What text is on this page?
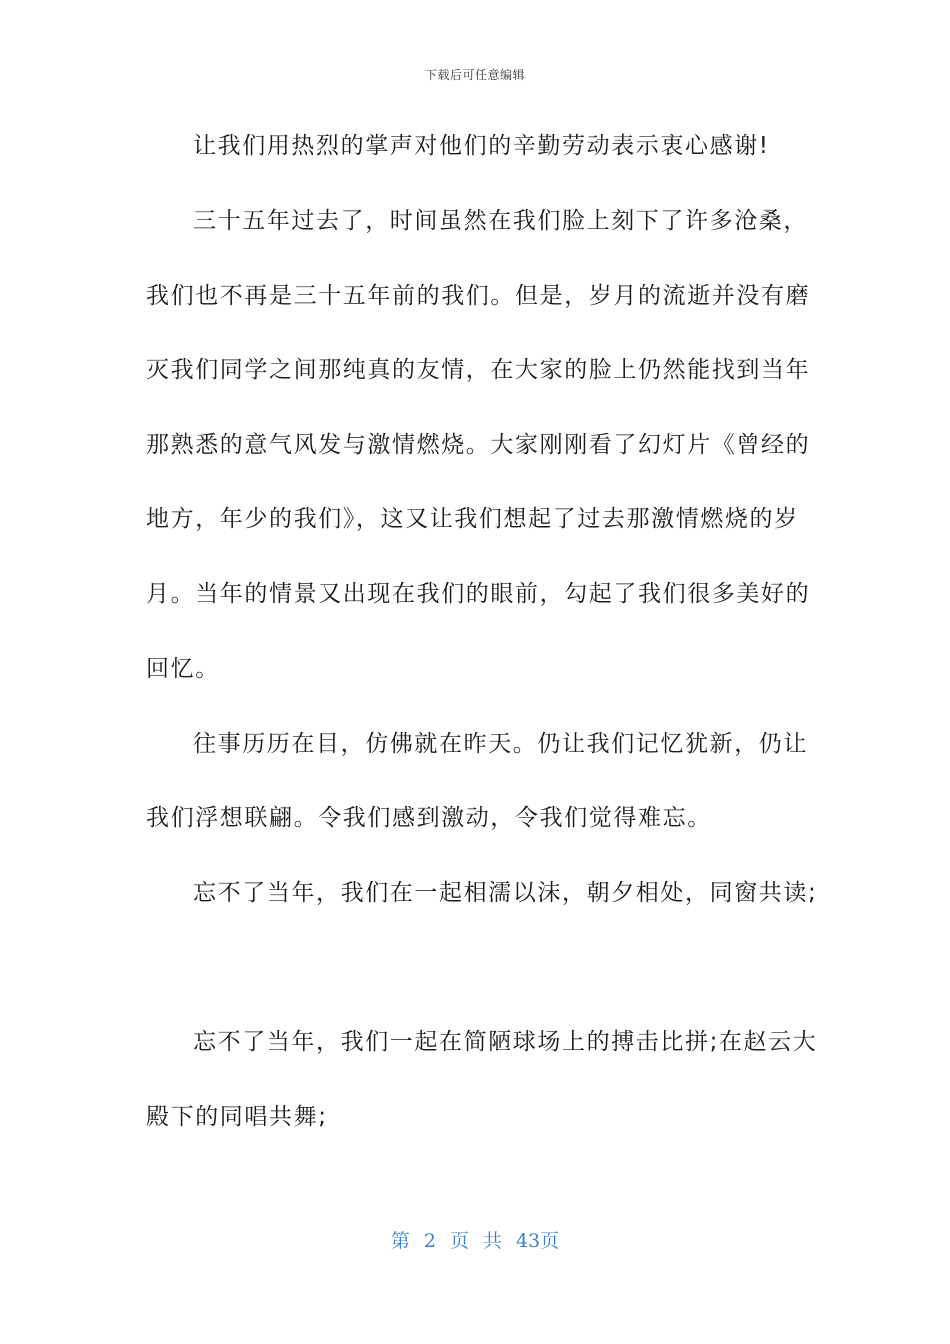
下载后可任意编辑
让我们用热烈的掌声对他们的辛勤劳动表示衷心感谢!
三十五年过去了，时间虽然在我们脸上刻下了许多沧桑，
我们也不再是三十五年前的我们。但是，岁月的流逝并没有磨
灭我们同学之间那纯真的友情，在大家的脸上仍然能找到当年
那熟悉的意气风发与激情燃烧。大家刚刚看了幻灯片《曾经的
地方，年少的我们》，这又让我们想起了过去那激情燃烧的岁
月。当年的情景又出现在我们的眼前，勾起了我们很多美好的
回忆。
往事历历在目，仿佛就在昨天。仍让我们记忆犹新，仍让
我们浮想联翩。令我们感到激动，令我们觉得难忘。
忘不了当年，我们在一起相濡以沫，朝夕相处，同窗共读;
忘不了当年，我们一起在简陋球场上的搏击比拼;在赵云大
殿下的同唱共舞;
第 2 页 共 43页
